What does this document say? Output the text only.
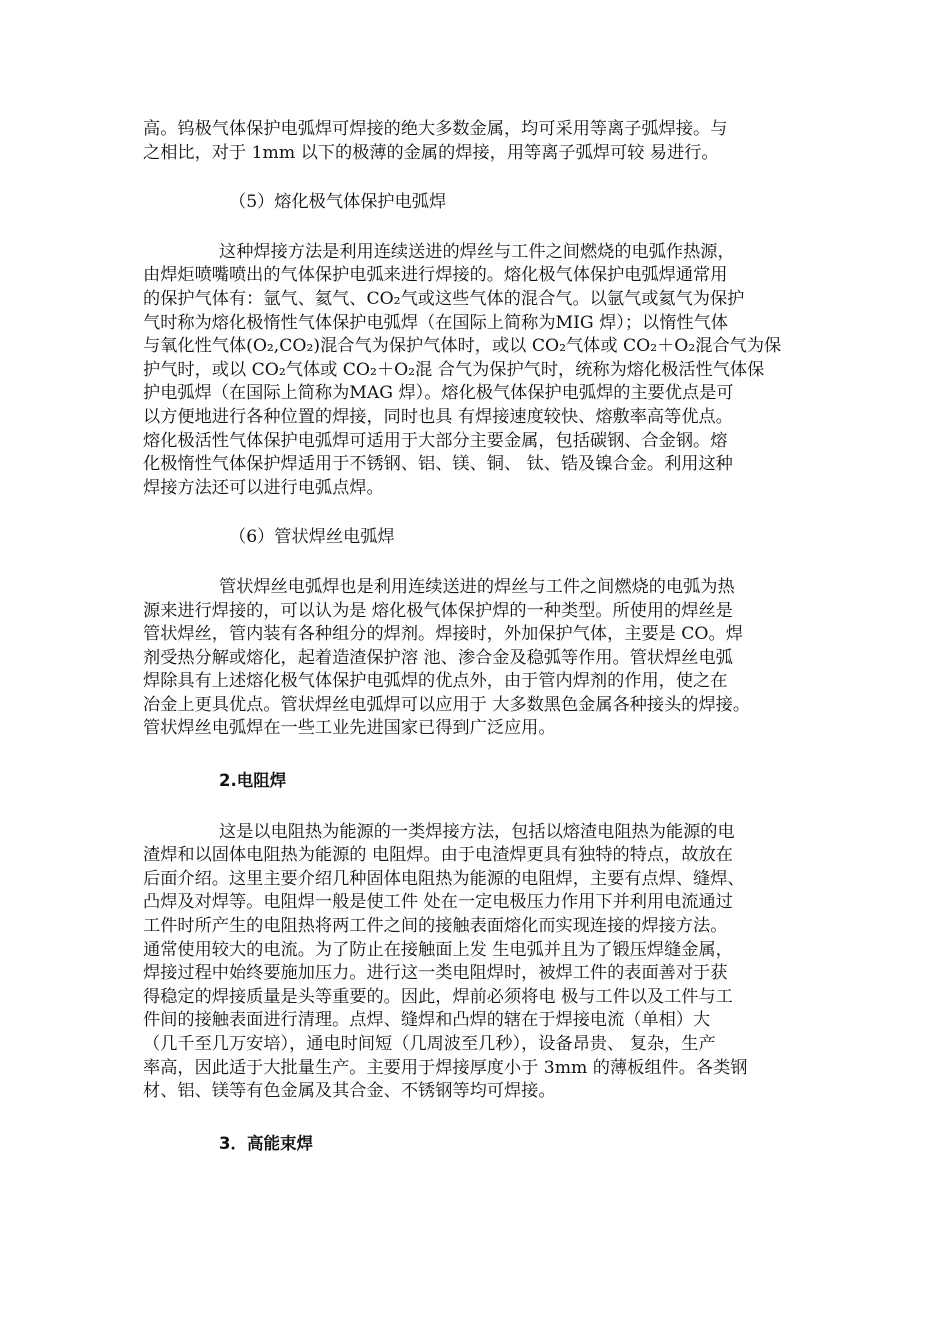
高。钨极气体保护电弧焊可焊接的绝大多数金属，均可采用等离子弧焊接。与

之相比，对于 1mm 以下的极薄的金属的焊接，用等离子弧焊可较 易进行。

（5）熔化极气体保护电弧焊

这种焊接方法是利用连续送进的焊丝与工件之间燃烧的电弧作热源，

由焊炬喷嘴喷出的气体保护电弧来进行焊接的。熔化极气体保护电弧焊通常用

的保护气体有：氩气、氦气、CO₂气或这些气体的混合气。以氩气或氦气为保护

气时称为熔化极惰性气体保护电弧焊（在国际上简称为MIG 焊）；以惰性气体

与氧化性气体(O₂,CO₂)混合气为保护气体时，或以 CO₂气体或 CO₂＋O₂混合气为保

护气时，或以 CO₂气体或 CO₂＋O₂混 合气为保护气时，统称为熔化极活性气体保

护电弧焊（在国际上简称为MAG 焊）。熔化极气体保护电弧焊的主要优点是可

以方便地进行各种位置的焊接，同时也具 有焊接速度较快、熔敷率高等优点。

熔化极活性气体保护电弧焊可适用于大部分主要金属，包括碳钢、合金钢。熔

化极惰性气体保护焊适用于不锈钢、铝、镁、铜、 钛、锆及镍合金。利用这种

焊接方法还可以进行电弧点焊。

（6）管状焊丝电弧焊

管状焊丝电弧焊也是利用连续送进的焊丝与工件之间燃烧的电弧为热

源来进行焊接的，可以认为是 熔化极气体保护焊的一种类型。所使用的焊丝是

管状焊丝，管内装有各种组分的焊剂。焊接时，外加保护气体，主要是 CO。焊

剂受热分解或熔化，起着造渣保护溶 池、渗合金及稳弧等作用。管状焊丝电弧

焊除具有上述熔化极气体保护电弧焊的优点外，由于管内焊剂的作用，使之在

冶金上更具优点。管状焊丝电弧焊可以应用于 大多数黑色金属各种接头的焊接。

管状焊丝电弧焊在一些工业先进国家已得到广泛应用。

2.电阻焊

这是以电阻热为能源的一类焊接方法，包括以熔渣电阻热为能源的电

渣焊和以固体电阻热为能源的 电阻焊。由于电渣焊更具有独特的特点，故放在

后面介绍。这里主要介绍几种固体电阻热为能源的电阻焊，主要有点焊、缝焊、

凸焊及对焊等。电阻焊一般是使工件 处在一定电极压力作用下并利用电流通过

工件时所产生的电阻热将两工件之间的接触表面熔化而实现连接的焊接方法。

通常使用较大的电流。为了防止在接触面上发 生电弧并且为了锻压焊缝金属，

焊接过程中始终要施加压力。进行这一类电阻焊时，被焊工件的表面善对于获

得稳定的焊接质量是头等重要的。因此，焊前必须将电 极与工件以及工件与工

件间的接触表面进行清理。点焊、缝焊和凸焊的辖在于焊接电流（单相）大

（几千至几万安培），通电时间短（几周波至几秒），设备昂贵、 复杂，生产

率高，因此适于大批量生产。主要用于焊接厚度小于 3mm 的薄板组件。各类钢

材、铝、镁等有色金属及其合金、不锈钢等均可焊接。

3．高能束焊
